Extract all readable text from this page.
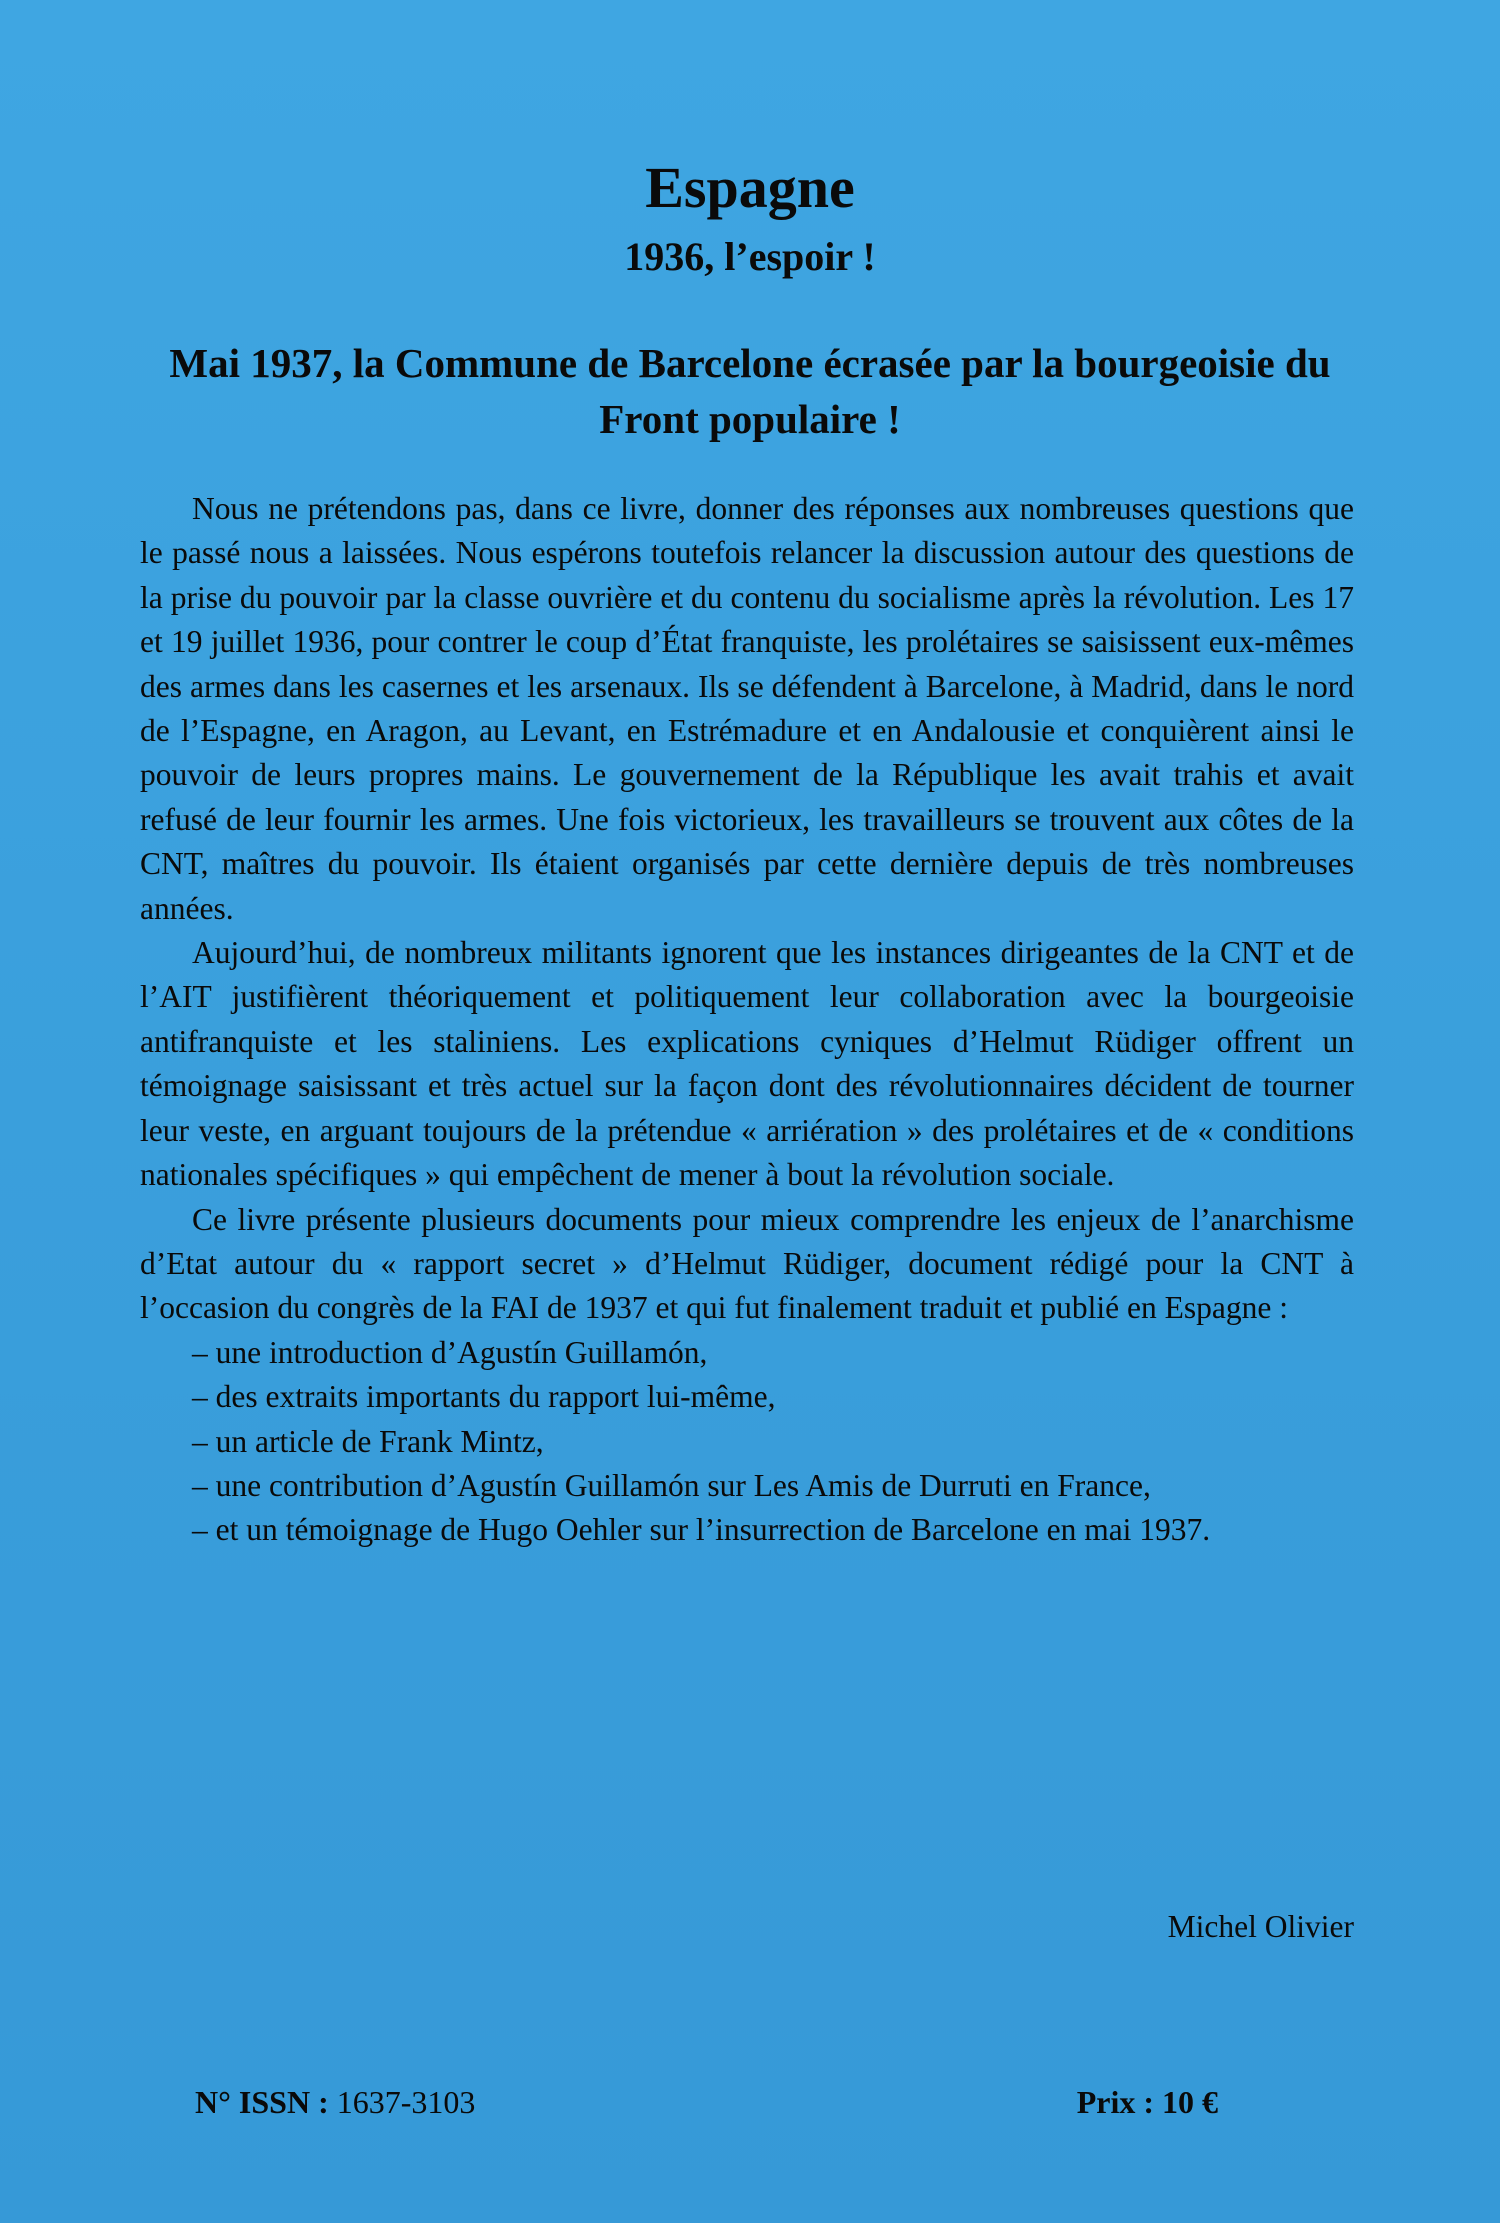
Espagne
1936, l’espoir !
Mai 1937, la Commune de Barcelone écrasée par la bourgeoisie du Front populaire !

Nous ne prétendons pas, dans ce livre, donner des réponses aux nombreuses questions que le passé nous a laissées. Nous espérons toutefois relancer la discussion autour des questions de la prise du pouvoir par la classe ouvrière et du contenu du socialisme après la révolution. Les 17 et 19 juillet 1936, pour contrer le coup d’État franquiste, les prolétaires se saisissent eux-mêmes des armes dans les casernes et les arsenaux. Ils se défendent à Barcelone, à Madrid, dans le nord de l’Espagne, en Aragon, au Levant, en Estrémadure et en Andalousie et conquièrent ainsi le pouvoir de leurs propres mains. Le gouvernement de la République les avait trahis et avait refusé de leur fournir les armes. Une fois victorieux, les travailleurs se trouvent aux côtes de la CNT, maîtres du pouvoir. Ils étaient organisés par cette dernière depuis de très nombreuses années.

Aujourd’hui, de nombreux militants ignorent que les instances dirigeantes de la CNT et de l’AIT justifièrent théoriquement et politiquement leur collaboration avec la bourgeoisie antifranquiste et les staliniens. Les explications cyniques d’Helmut Rüdiger offrent un témoignage saisissant et très actuel sur la façon dont des révolutionnaires décident de tourner leur veste, en arguant toujours de la prétendue « arriération » des prolétaires et de « conditions nationales spécifiques » qui empêchent de mener à bout la révolution sociale.

Ce livre présente plusieurs documents pour mieux comprendre les enjeux de l’anarchisme d’Etat autour du « rapport secret » d’Helmut Rüdiger, document rédigé pour la CNT à l’occasion du congrès de la FAI de 1937 et qui fut finalement traduit et publié en Espagne :

– une introduction d’Agustín Guillamón,
– des extraits importants du rapport lui-même,
– un article de Frank Mintz,
– une contribution d’Agustín Guillamón sur Les Amis de Durruti en France,
– et un témoignage de Hugo Oehler sur l’insurrection de Barcelone en mai 1937.

Michel Olivier

N° ISSN : 1637-3103	Prix : 10 €
